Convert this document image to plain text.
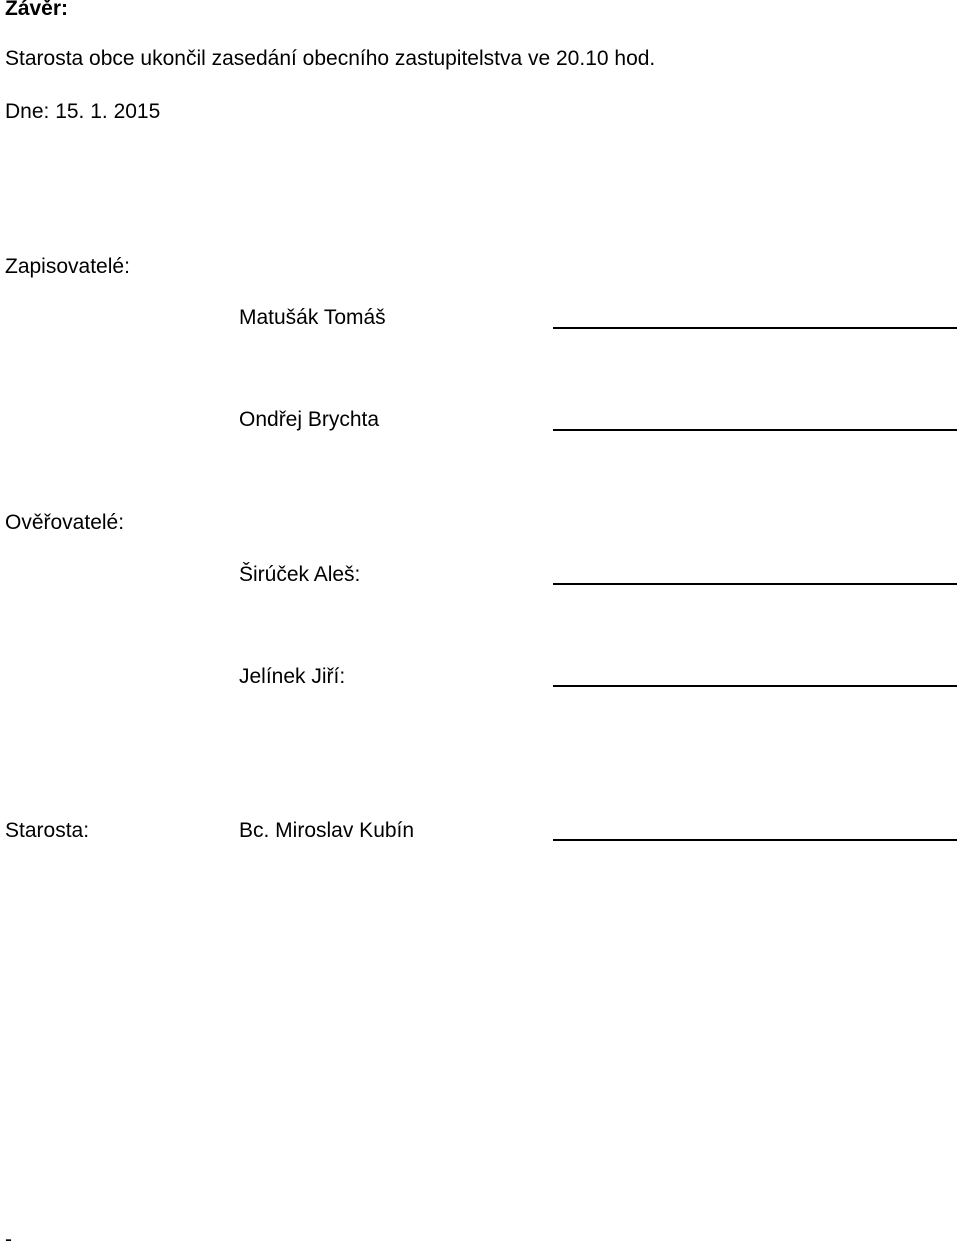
Závěr:

Starosta obce ukončil zasedání obecního zastupitelstva ve 20.10 hod.

Dne: 15. 1. 2015

Zapisovatelé:

Matušák Tomáš

Ondřej Brychta

Ověřovatelé:

Širúček Aleš:

Jelínek Jiří:

Starosta:	Bc. Miroslav Kubín

-
